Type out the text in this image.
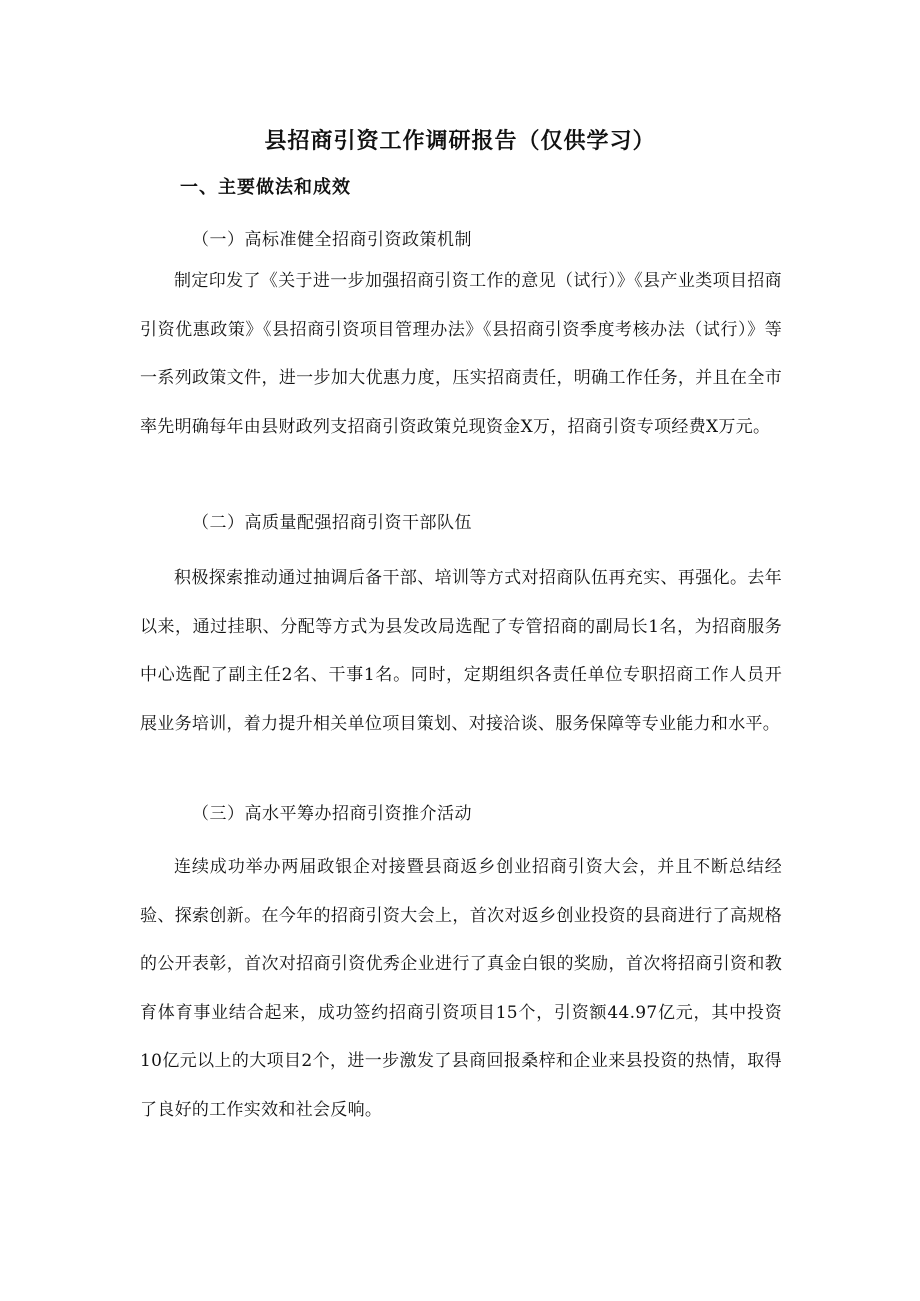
县招商引资工作调研报告（仅供学习）
一、主要做法和成效
（一）高标准健全招商引资政策机制
制定印发了《关于进一步加强招商引资工作的意见（试行）》《县产业类项目招商引资优惠政策》《县招商引资项目管理办法》《县招商引资季度考核办法（试行）》等一系列政策文件，进一步加大优惠力度，压实招商责任，明确工作任务，并且在全市率先明确每年由县财政列支招商引资政策兑现资金X万，招商引资专项经费X万元。
（二）高质量配强招商引资干部队伍
积极探索推动通过抽调后备干部、培训等方式对招商队伍再充实、再强化。去年以来，通过挂职、分配等方式为县发改局选配了专管招商的副局长1名，为招商服务中心选配了副主任2名、干事1名。同时，定期组织各责任单位专职招商工作人员开展业务培训，着力提升相关单位项目策划、对接洽谈、服务保障等专业能力和水平。
（三）高水平筹办招商引资推介活动
连续成功举办两届政银企对接暨县商返乡创业招商引资大会，并且不断总结经验、探索创新。在今年的招商引资大会上，首次对返乡创业投资的县商进行了高规格的公开表彰，首次对招商引资优秀企业进行了真金白银的奖励，首次将招商引资和教育体育事业结合起来，成功签约招商引资项目15个，引资额44.97亿元，其中投资10亿元以上的大项目2个，进一步激发了县商回报桑梓和企业来县投资的热情，取得了良好的工作实效和社会反响。
